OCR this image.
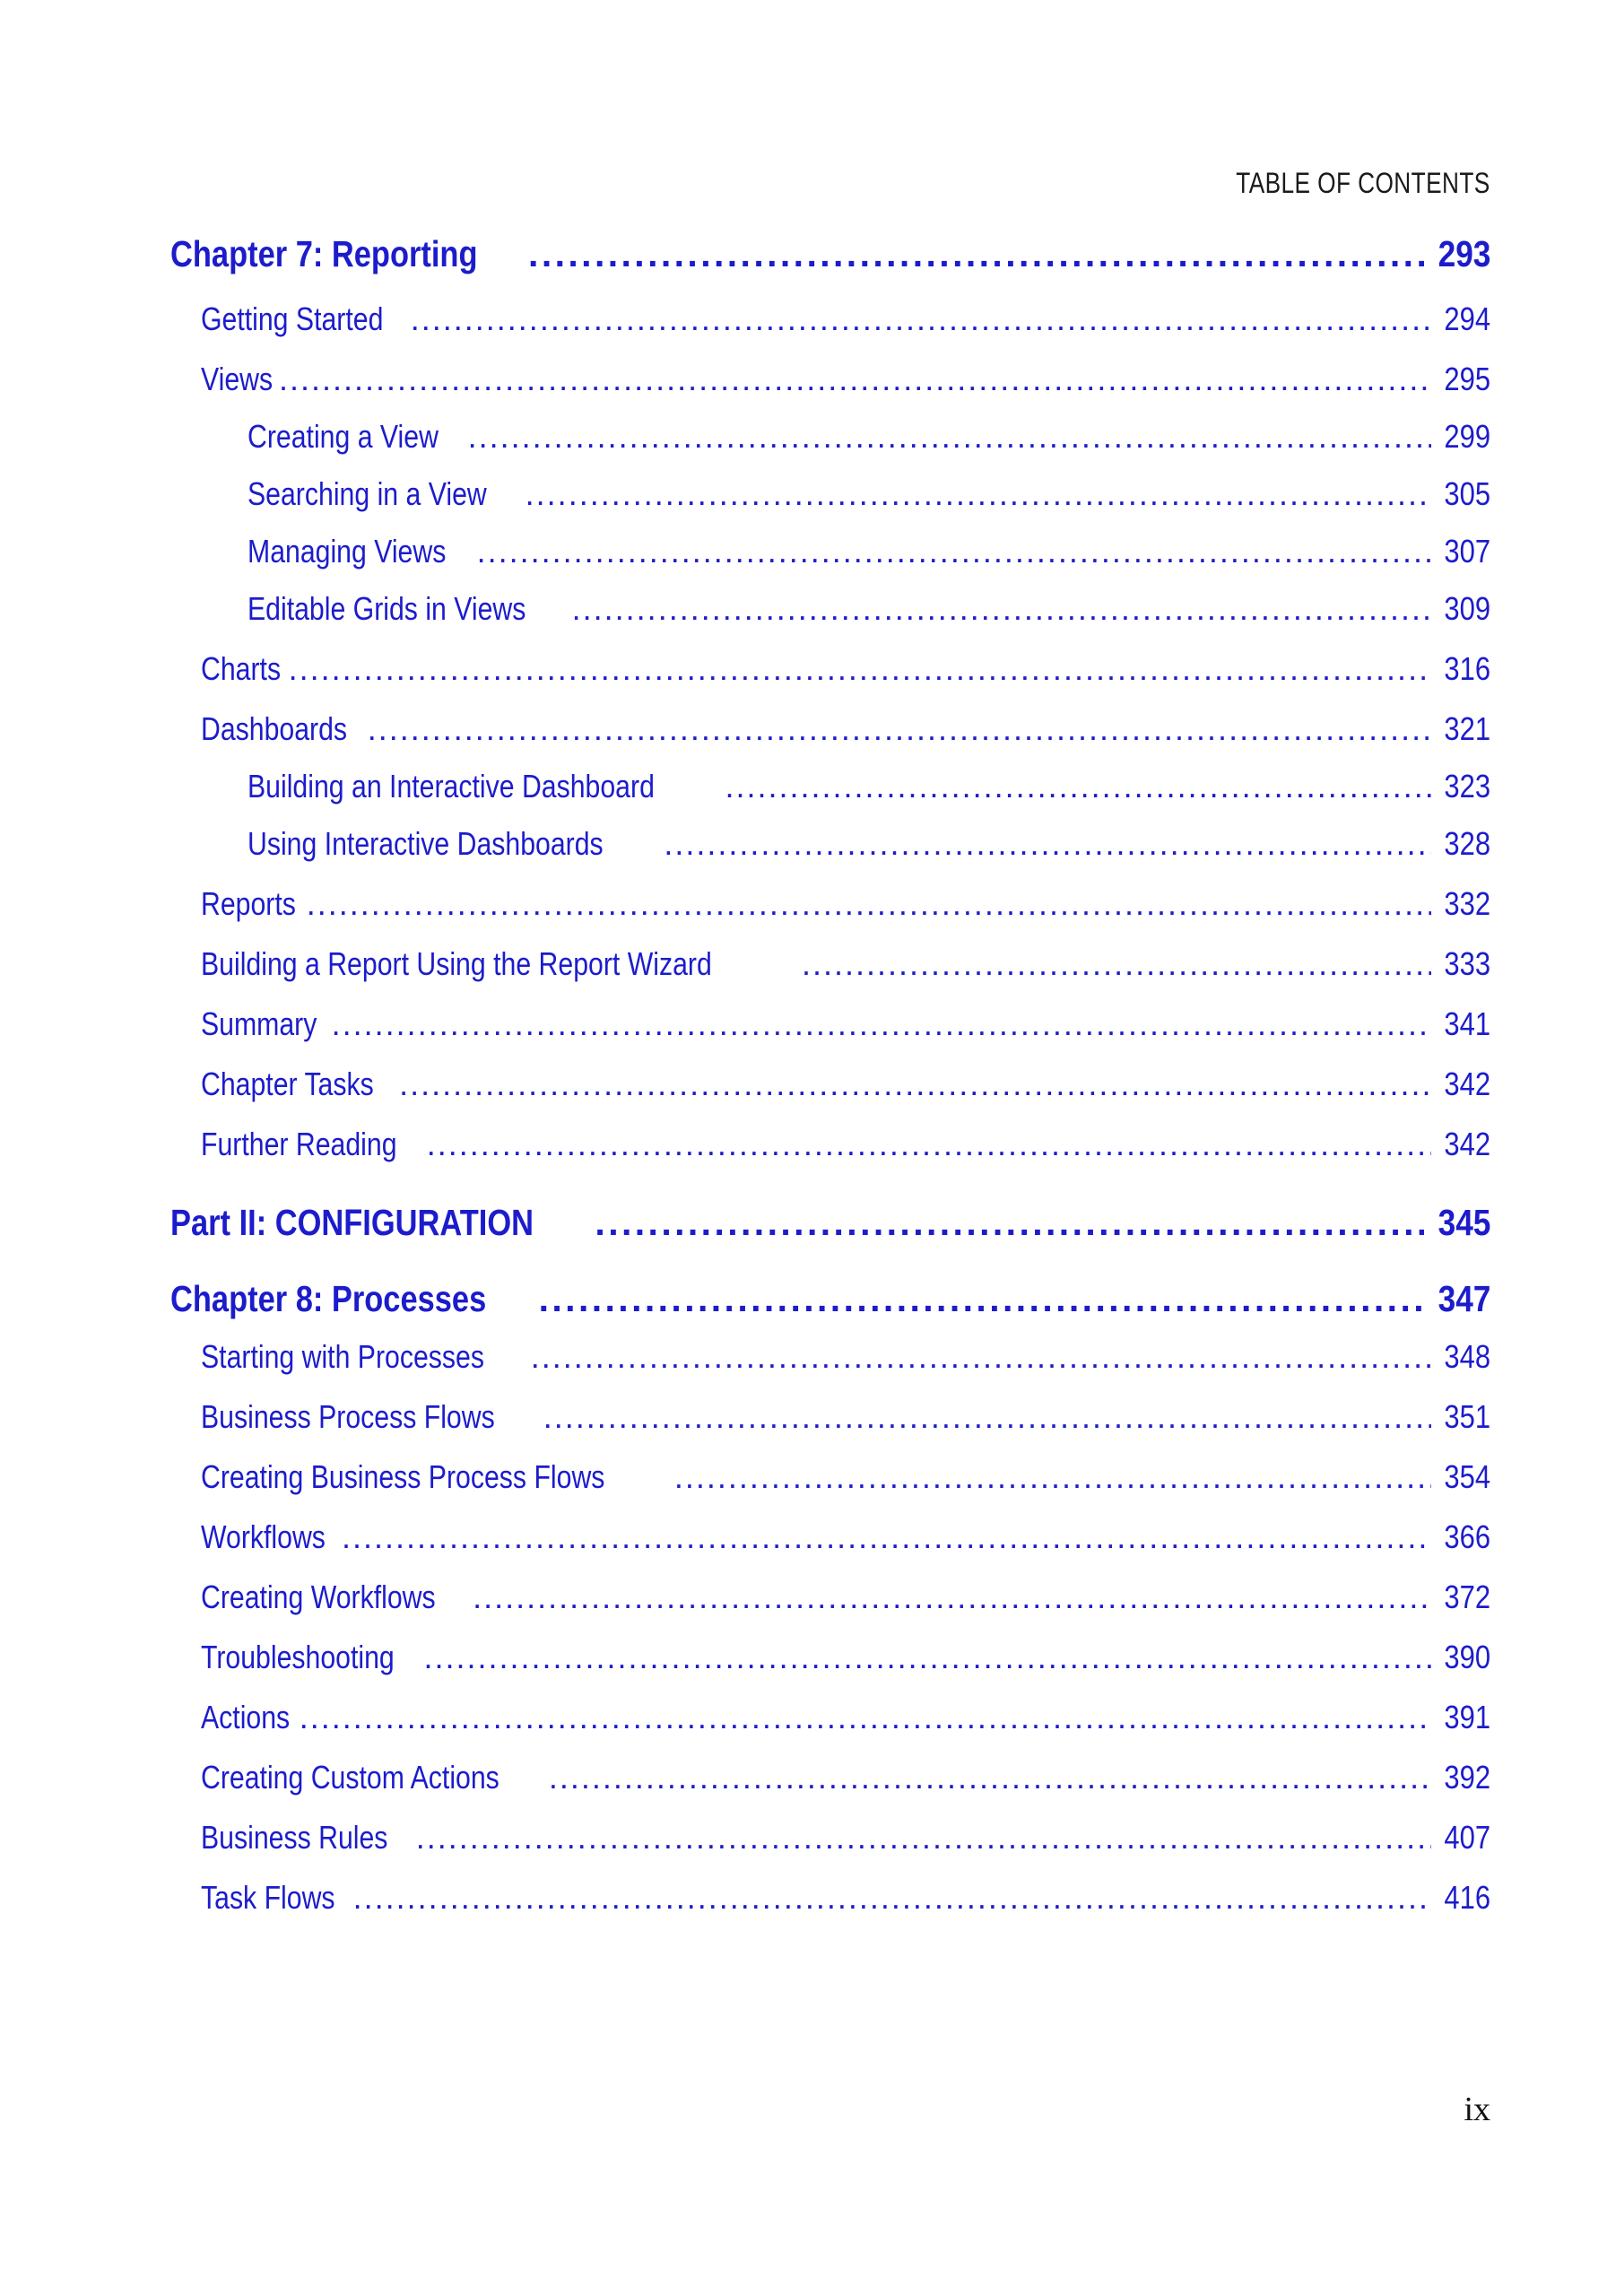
TABLE OF CONTENTS
Chapter 7: Reporting . . .	293
Getting Started . . .	294
Views . . .	295
Creating a View . . .	299
Searching in a View . . .	305
Managing Views . . .	307
Editable Grids in Views . . .	309
Charts . . .	316
Dashboards . . .	321
Building an Interactive Dashboard . . .	323
Using Interactive Dashboards . . .	328
Reports . . .	332
Building a Report Using the Report Wizard . . .	333
Summary . . .	341
Chapter Tasks . . .	342
Further Reading . . .	342
Part II: CONFIGURATION . . .	345
Chapter 8: Processes . . .	347
Starting with Processes . . .	348
Business Process Flows . . .	351
Creating Business Process Flows . . .	354
Workflows . . .	366
Creating Workflows . . .	372
Troubleshooting . . .	390
Actions . . .	391
Creating Custom Actions . . .	392
Business Rules . . .	407
Task Flows . . .	416
ix
